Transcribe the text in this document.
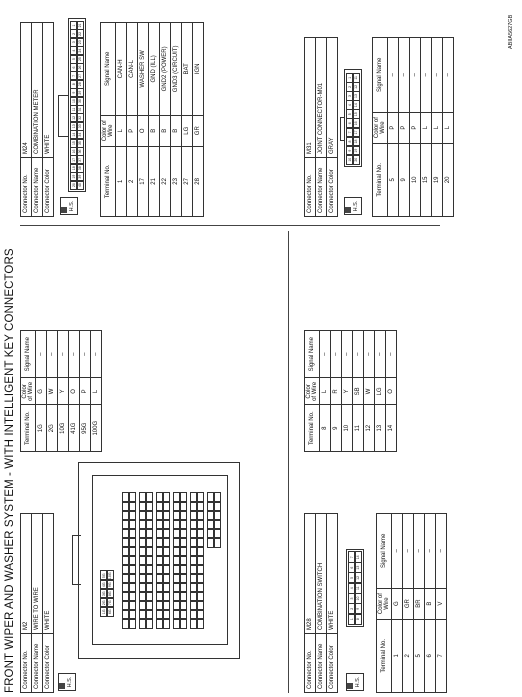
FRONT WIPER AND WASHER SYSTEM - WITH INTELLIGENT KEY CONNECTORS Connector No.	M2
Connector Name	WIRE TO WIRE
Connector Color	WHITE
H.S.
1G
2G
3G
4G
5G
6G
7G
8G
9G
10G
Terminal No.	Color of Wire	Signal Name
1G	G	–
2G	W	–
10G	Y	–
41G	O	–
95G	P	–
100G	L	–
Connector No.	M24
Connector Name	COMBINATION METER
Connector Color	WHITE
H.S.
20
19
18
17
16
15
14
13
12
11
10
9
8
7
6
5
4
3
2
1
40
39
38
37
36
35
34
33
32
31
30
29
28
27
26
25
24
23
22
21
Terminal No.	Color of Wire	Signal Name
1	L	CAN-H
2	P	CAN-L
17	O	WASHER SW
21	B	GND (ILL)
22	B	GND2 (POWER)
23	B	GND3 (CIRCUIT)
27	LG	BAT
28	GR	IGN
Connector No.	M28
Connector Name	COMBINATION SWITCH
Connector Color	WHITE
H.S.
1
2
3
4
5
6
7
8
9
10
11
12
13
14
Terminal No.	Color of Wire	Signal Name
1	G	–
2	GR	–
5	BR	–
6	B	–
7	V	–
Terminal No.	Color of Wire	Signal Name
8	L	–
9	R	–
10	Y	–
11	SB	–
12	W	–
13	LG	–
14	O	–
Connector No.	M31
Connector Name	JOINT CONNECTOR-M01
Connector Color	GRAY
H.S.
10
9
8
7
6
5
4
3
2
1
20
19
18
17
16
15
14
13
12
11
Terminal No.	Color of Wire	Signal Name
5	P	–
9	P	–
10	P	–
15	L	–
19	L	–
20	L	–
ABIIA5627GB
